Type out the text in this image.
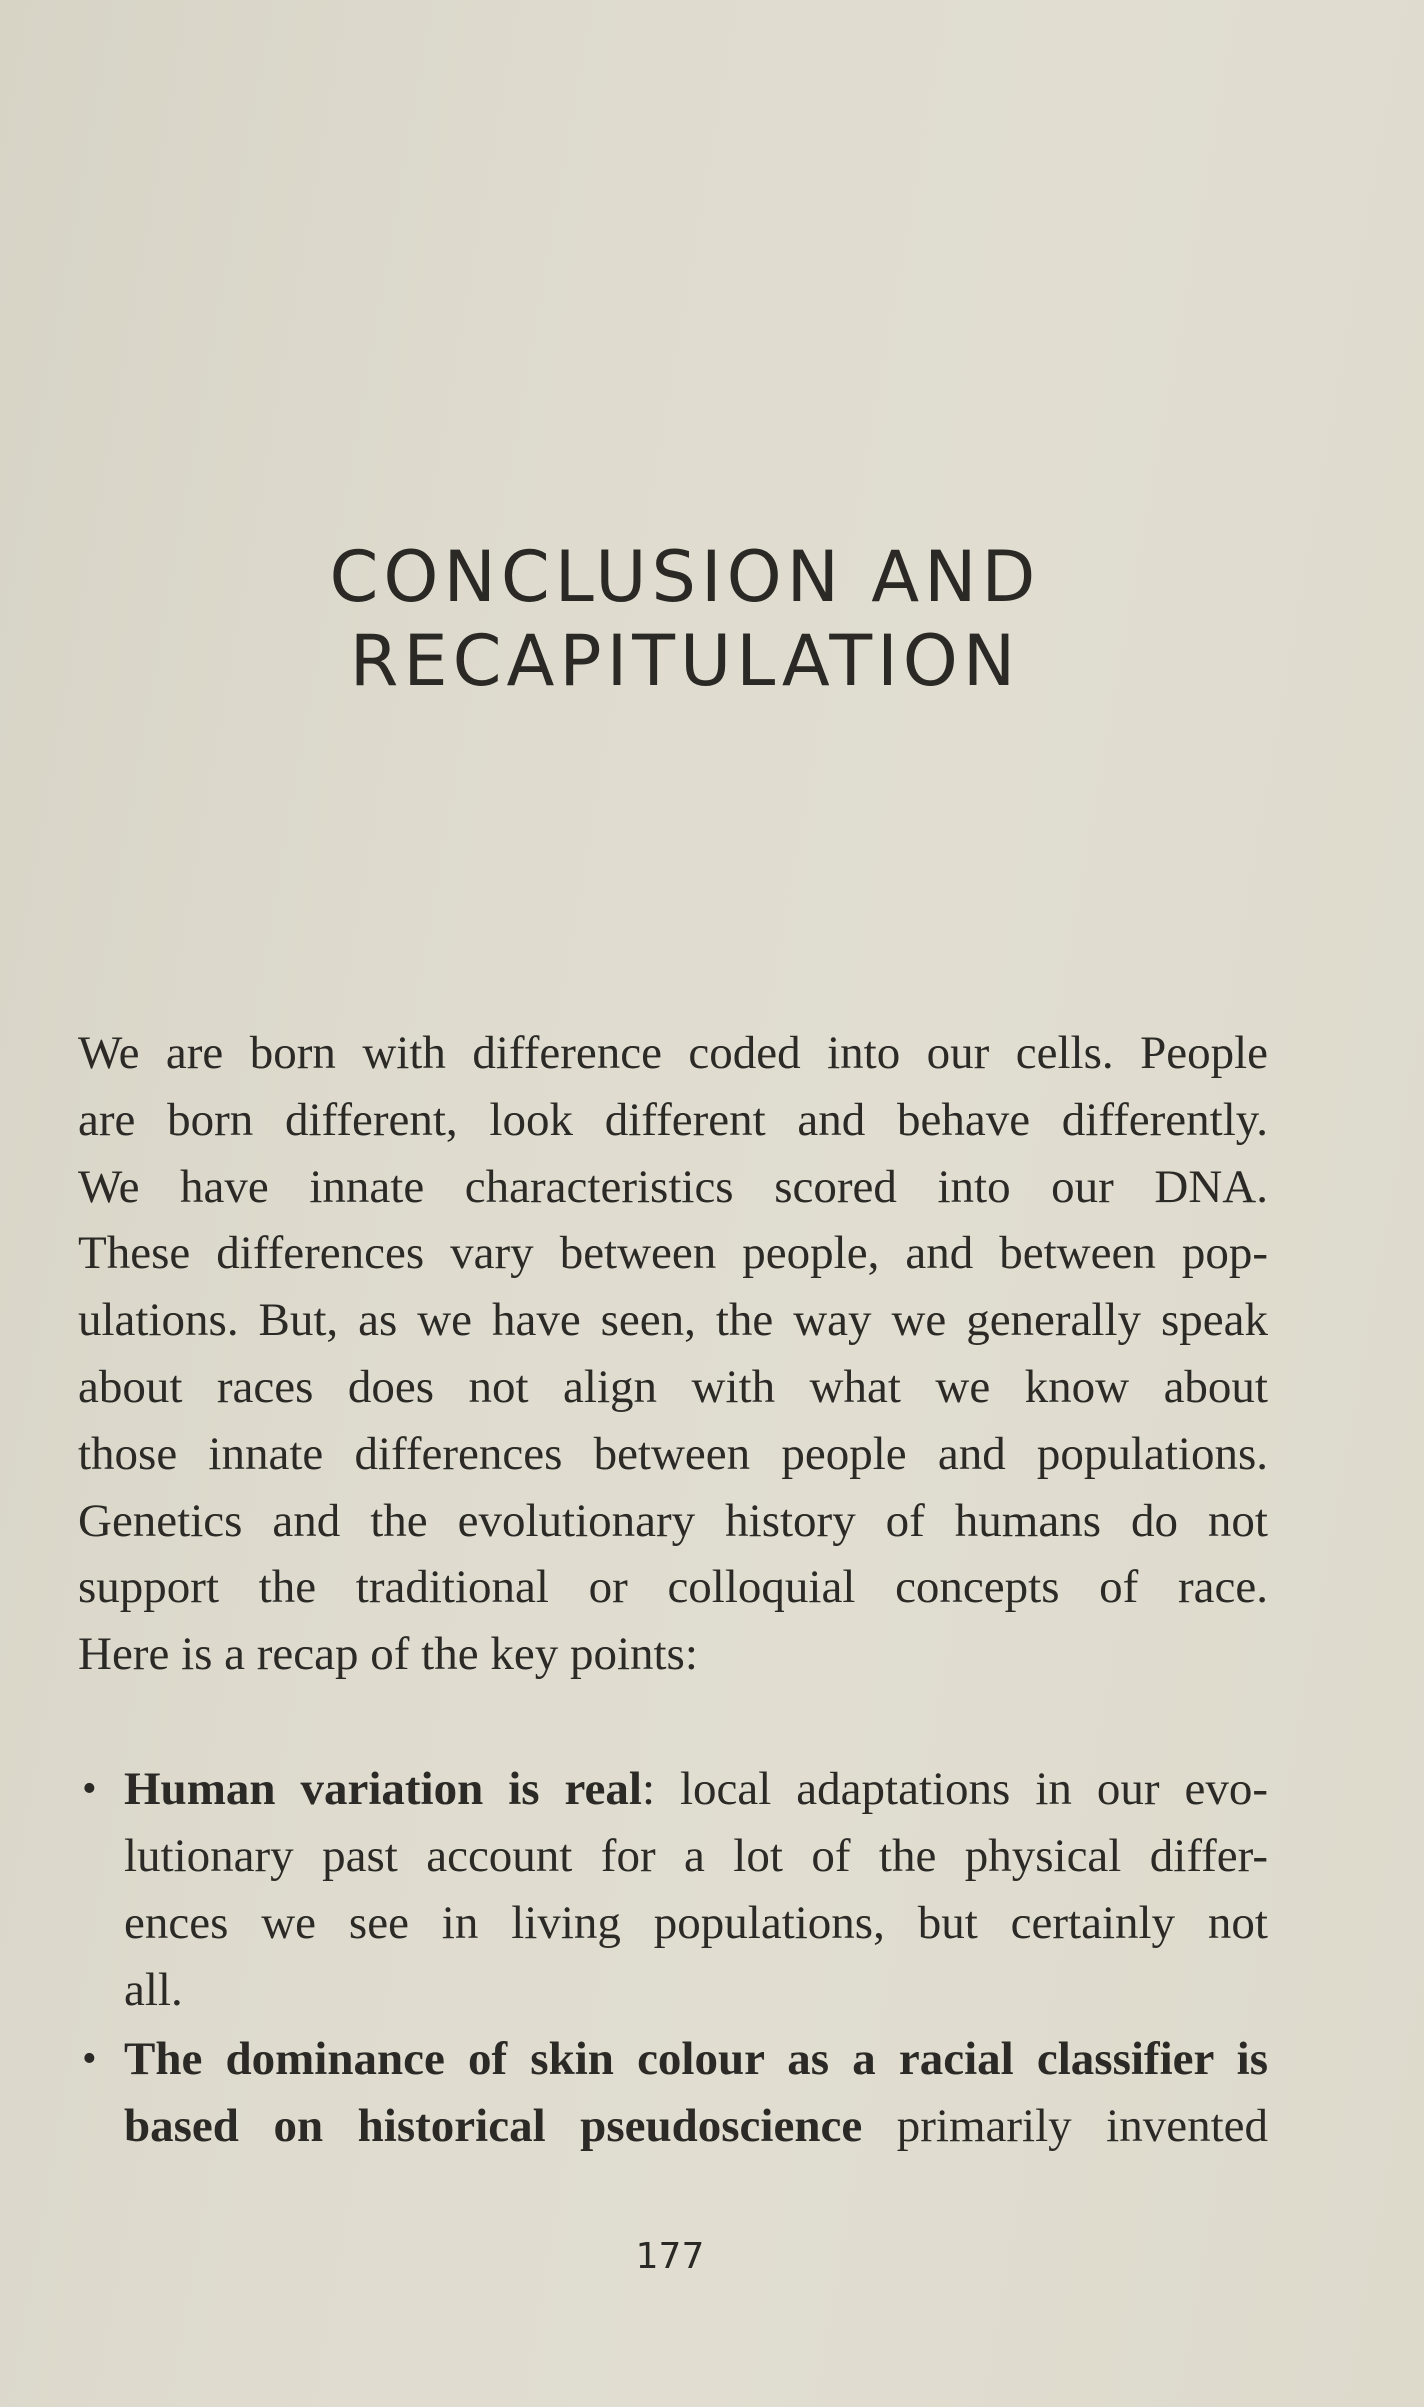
CONCLUSION AND
RECAPITULATION

We are born with difference coded into our cells. People
are born different, look different and behave differently.
We have innate characteristics scored into our DNA.
These differences vary between people, and between pop-
ulations. But, as we have seen, the way we generally speak
about races does not align with what we know about
those innate differences between people and populations.
Genetics and the evolutionary history of humans do not
support the traditional or colloquial concepts of race.
Here is a recap of the key points:

• Human variation is real: local adaptations in our evo-
lutionary past account for a lot of the physical differ-
ences we see in living populations, but certainly not
all.
• The dominance of skin colour as a racial classifier is
based on historical pseudoscience primarily invented
177
